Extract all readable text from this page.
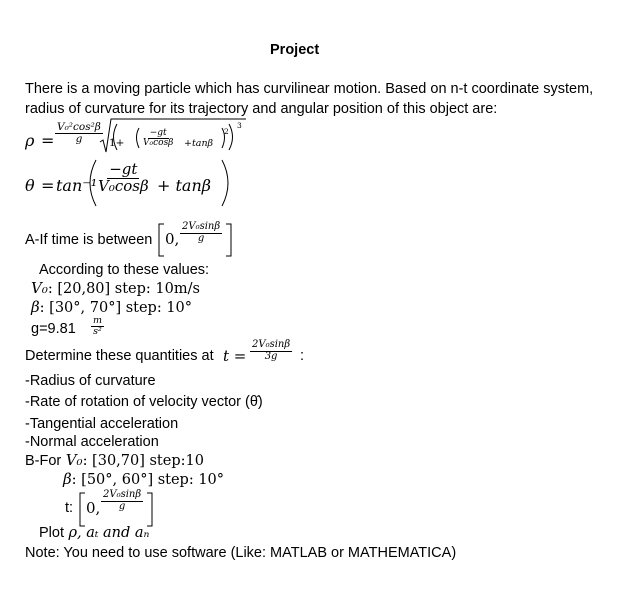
Project
There is a moving particle which has curvilinear motion. Based on n-t coordinate system,
radius of curvature for its trajectory and angular position of this object are:
$\rho = \frac{\text{V₀²cos²β}}{g} 1+ \frac{-gt}{\text{V₀cosβ}} +\tan\beta$
2
3
θ = tan⁻¹
$\frac{-gt}{\text{V₀cosβ}} + \tan\beta$
A-If time is between 0, $\frac{\text{2V₀sinβ}}{g}$
According to these values:
V₀: [20,80] step: 10m/s
β: [30°, 70°] step: 10°
$g=9.81 \frac{m}{\text{s²}}$
Determine these quantities at $t = \frac{\text{2V₀sinβ}}{3g}$ :
-Radius of curvature
-Rate of rotation of velocity vector (θ̇)
-Tangential acceleration
-Normal acceleration
B-For V₀: [30,70] step:10
β: [50°, 60°] step: 10°
t: 0, $\frac{\text{2V₀sinβ}}{g}$
Plot ρ, aₜ and aₙ
Note: You need to use software (Like: MATLAB or MATHEMATICA)
